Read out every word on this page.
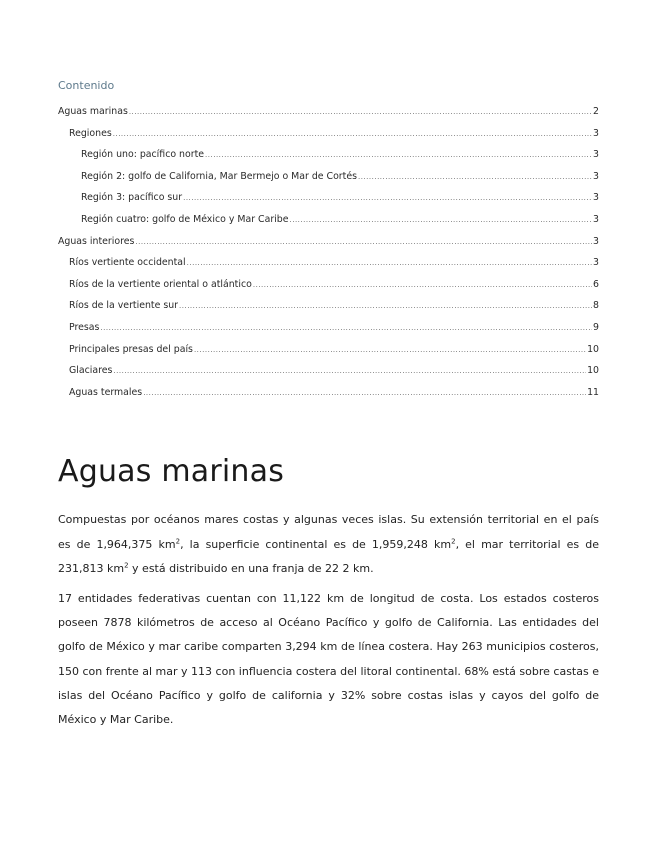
Contenido
Aguas marinas .....	2
Regiones .....	3
Región uno: pacífico norte .....	3
Región 2: golfo de California, Mar Bermejo o Mar de Cortés .....	3
Región 3: pacífico sur .....	3
Región cuatro: golfo de México y Mar Caribe .....	3
Aguas interiores .....	3
Ríos vertiente occidental .....	3
Ríos de la vertiente oriental o atlántico .....	6
Ríos de la vertiente sur .....	8
Presas .....	9
Principales presas del país .....	10
Glaciares .....	10
Aguas termales .....	11
Aguas marinas

Compuestas por océanos mares costas y algunas veces islas. Su extensión territorial en el país es de 1,964,375 $km^2$, la superficie continental es de 1,959,248 $km^2$, el mar territorial es de 231,813 $km^2$ y está distribuido en una franja de 22 2 km.

17 entidades federativas cuentan con 11,122 km de longitud de costa. Los estados costeros poseen 7878 kilómetros de acceso al Océano Pacífico y golfo de California. Las entidades del golfo de México y mar caribe comparten 3,294 km de línea costera. Hay 263 municipios costeros, 150 con frente al mar y 113 con influencia costera del litoral continental. 68% está sobre castas e islas del Océano Pacífico y golfo de california y 32% sobre costas islas y cayos del golfo de México y Mar Caribe.
